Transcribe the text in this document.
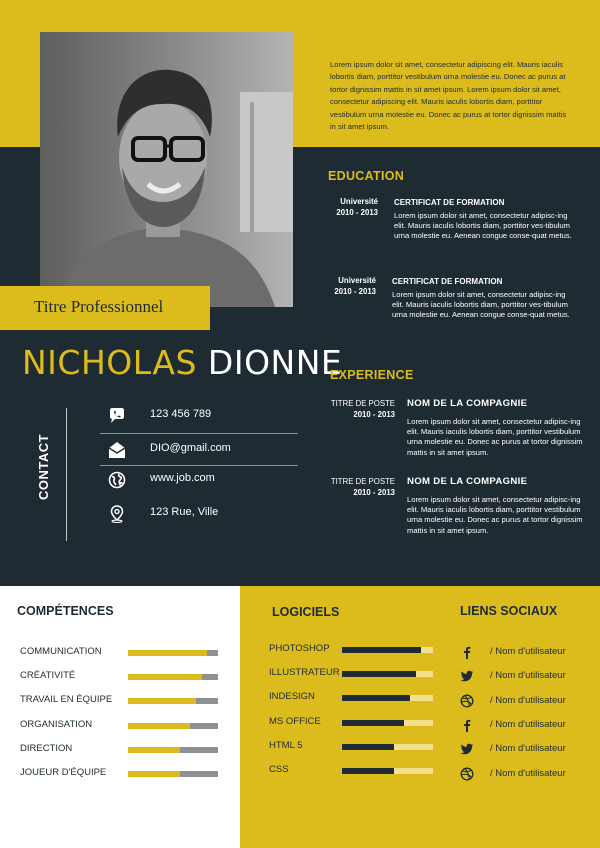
Titre Professionnel
NICHOLAS DIONNE
Lorem ipsum dolor sit amet, consectetur adipiscing elit. Mauris iaculis lobortis diam, porttitor vestibulum urna molestie eu. Donec ac purus at tortor dignissim mattis in sit amet ipsum. Lorem ipsum dolor sit amet, consectetur adipiscing elit. Mauris iaculis lobortis diam, porttitor vestibulum urna molestie eu. Donec ac purus at tortor dignissim mattis in sit amet ipsum.
CONTACT
123 456 789
DIO@gmail.com
www.job.com
123 Rue, Ville
EDUCATION
Université
2010 - 2013
CERTIFICAT DE FORMATION
Lorem ipsum dolor sit amet, consectetur adipisc-ing elit. Mauris iaculis lobortis diam, porttitor ves-tibulum urna molestie eu. Aenean congue conse-quat metus.
Université
2010 - 2013
CERTIFICAT DE FORMATION
Lorem ipsum dolor sit amet, consectetur adipisc-ing elit. Mauris iaculis lobortis diam, porttitor ves-tibulum urna molestie eu. Aenean congue conse-quat metus.
EXPERIENCE
TITRE DE POSTE
2010 - 2013
NOM DE LA COMPAGNIE
Lorem ipsum dolor sit amet, consectetur adipisc-ing elit. Mauris iaculis lobortis diam, porttitor vestibulum urna molestie eu. Donec ac purus at tortor dignissim mattis in sit amet ipsum.
TITRE DE POSTE
2010 - 2013
NOM DE LA COMPAGNIE
Lorem ipsum dolor sit amet, consectetur adipisc-ing elit. Mauris iaculis lobortis diam, porttitor vestibulum urna molestie eu. Donec ac purus at tortor dignissim mattis in sit amet ipsum.
COMPÉTENCES
COMMUNICATION
CRÉATIVITÉ
TRAVAIL EN ÉQUIPE
ORGANISATION
DIRECTION
JOUEUR D'ÉQUIPE
LOGICIELS
PHOTOSHOP
ILLUSTRATEUR
INDESIGN
MS OFFICE
HTML 5
CSS
LIENS SOCIAUX
/ Nom d'utilisateur
/ Nom d'utilisateur
/ Nom d'utilisateur
/ Nom d'utilisateur
/ Nom d'utilisateur
/ Nom d'utilisateur
